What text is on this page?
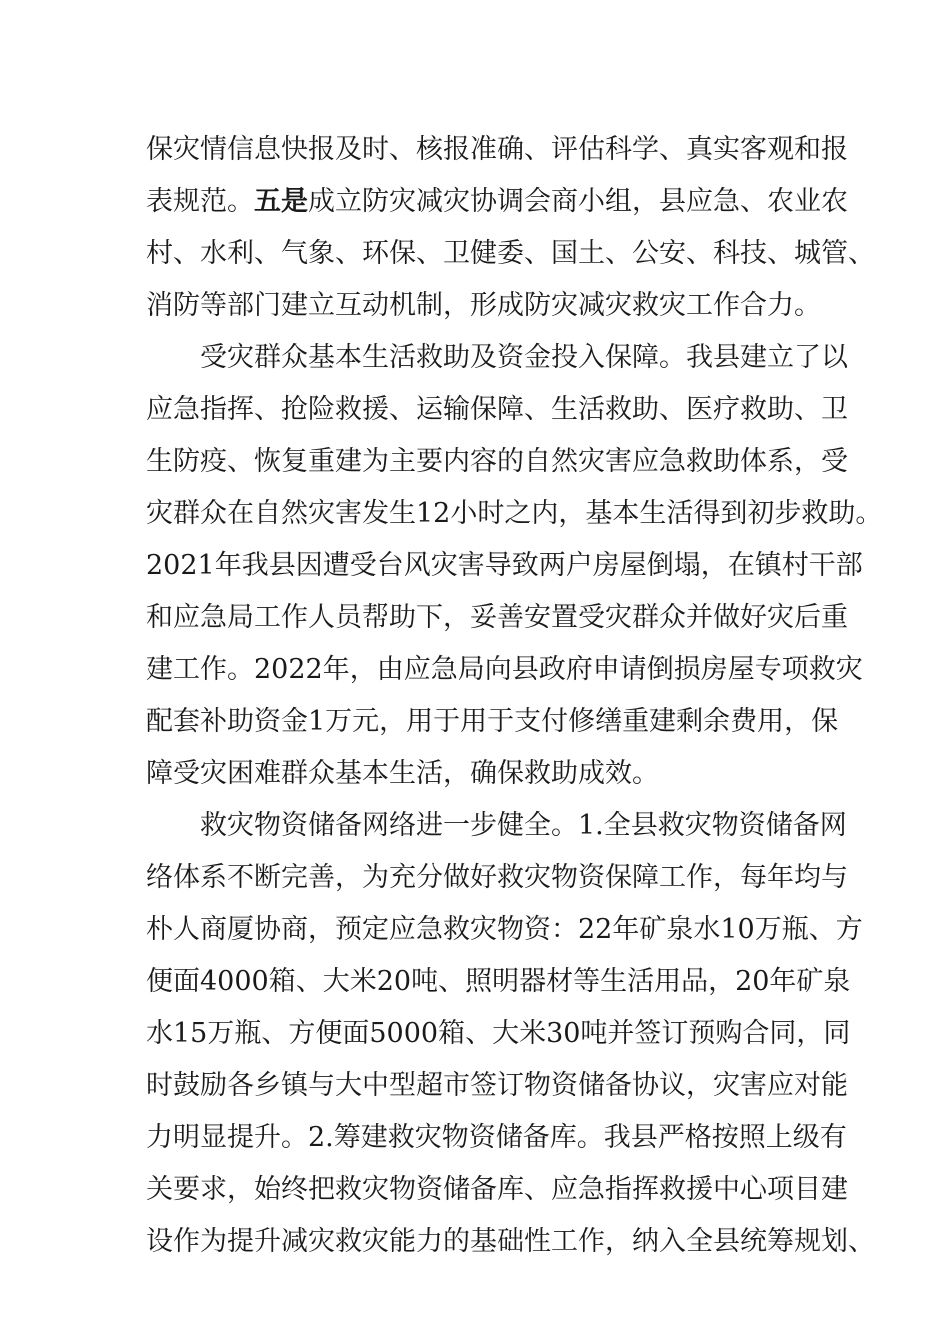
保灾情信息快报及时、核报准确、评估科学、真实客观和报

表规范。

五是

成立防灾减灾协调会商小组，县应急、农业农

村、水利、气象、环保、卫健委、国土、公安、科技、城管、

消防等部门建立互动机制，形成防灾减灾救灾工作合力。

受灾群众基本生活救助及资金投入保障。我县建立了以

应急指挥、抢险救援、运输保障、生活救助、医疗救助、卫

生防疫、恢复重建为主要内容的自然灾害应急救助体系，受

灾群众在自然灾害发生12小时之内，基本生活得到初步救助。

2021年我县因遭受台风灾害导致两户房屋倒塌，在镇村干部

和应急局工作人员帮助下，妥善安置受灾群众并做好灾后重

建工作。2022年，由应急局向县政府申请倒损房屋专项救灾

配套补助资金1万元，用于用于支付修缮重建剩余费用，保

障受灾困难群众基本生活，确保救助成效。

救灾物资储备网络进一步健全。1.全县救灾物资储备网

络体系不断完善，为充分做好救灾物资保障工作，每年均与

朴人商厦协商，预定应急救灾物资：22年矿泉水10万瓶、方

便面4000箱、大米20吨、照明器材等生活用品，20年矿泉

水15万瓶、方便面5000箱、大米30吨并签订预购合同，同

时鼓励各乡镇与大中型超市签订物资储备协议，灾害应对能

力明显提升。2.筹建救灾物资储备库。我县严格按照上级有

关要求，始终把救灾物资储备库、应急指挥救援中心项目建

设作为提升减灾救灾能力的基础性工作，纳入全县统筹规划、
